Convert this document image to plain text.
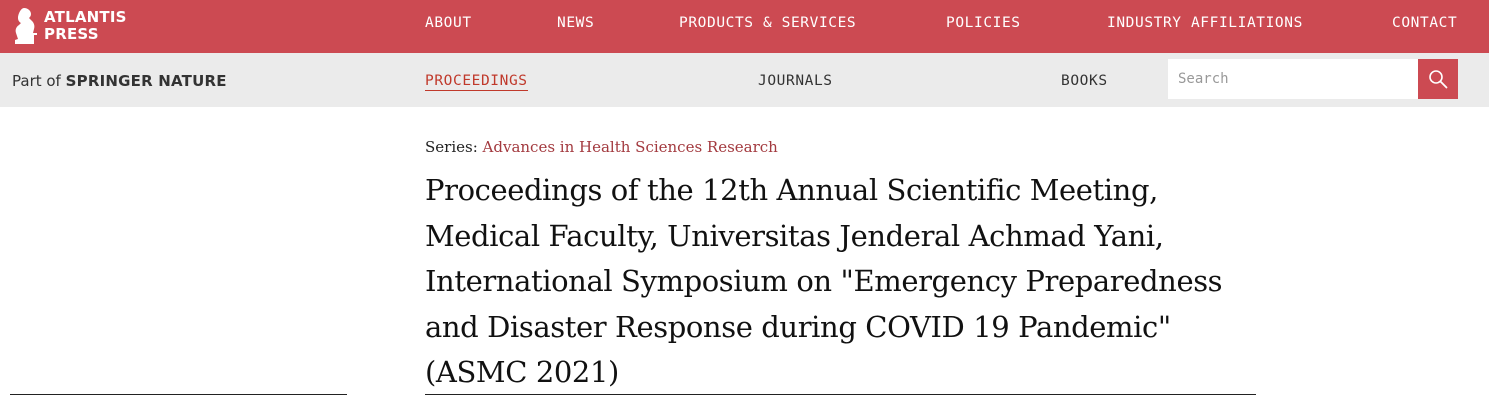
ATLANTIS
PRESS
ABOUT	NEWS	PRODUCTS & SERVICES	POLICIES	INDUSTRY AFFILIATIONS	CONTACT
Part of SPRINGER NATURE	PROCEEDINGS	JOURNALS	BOOKS
Search
Series: Advances in Health Sciences Research
Proceedings of the 12th Annual Scientific Meeting, Medical Faculty, Universitas Jenderal Achmad Yani, International Symposium on "Emergency Preparedness and Disaster Response during COVID 19 Pandemic" (ASMC 2021)
